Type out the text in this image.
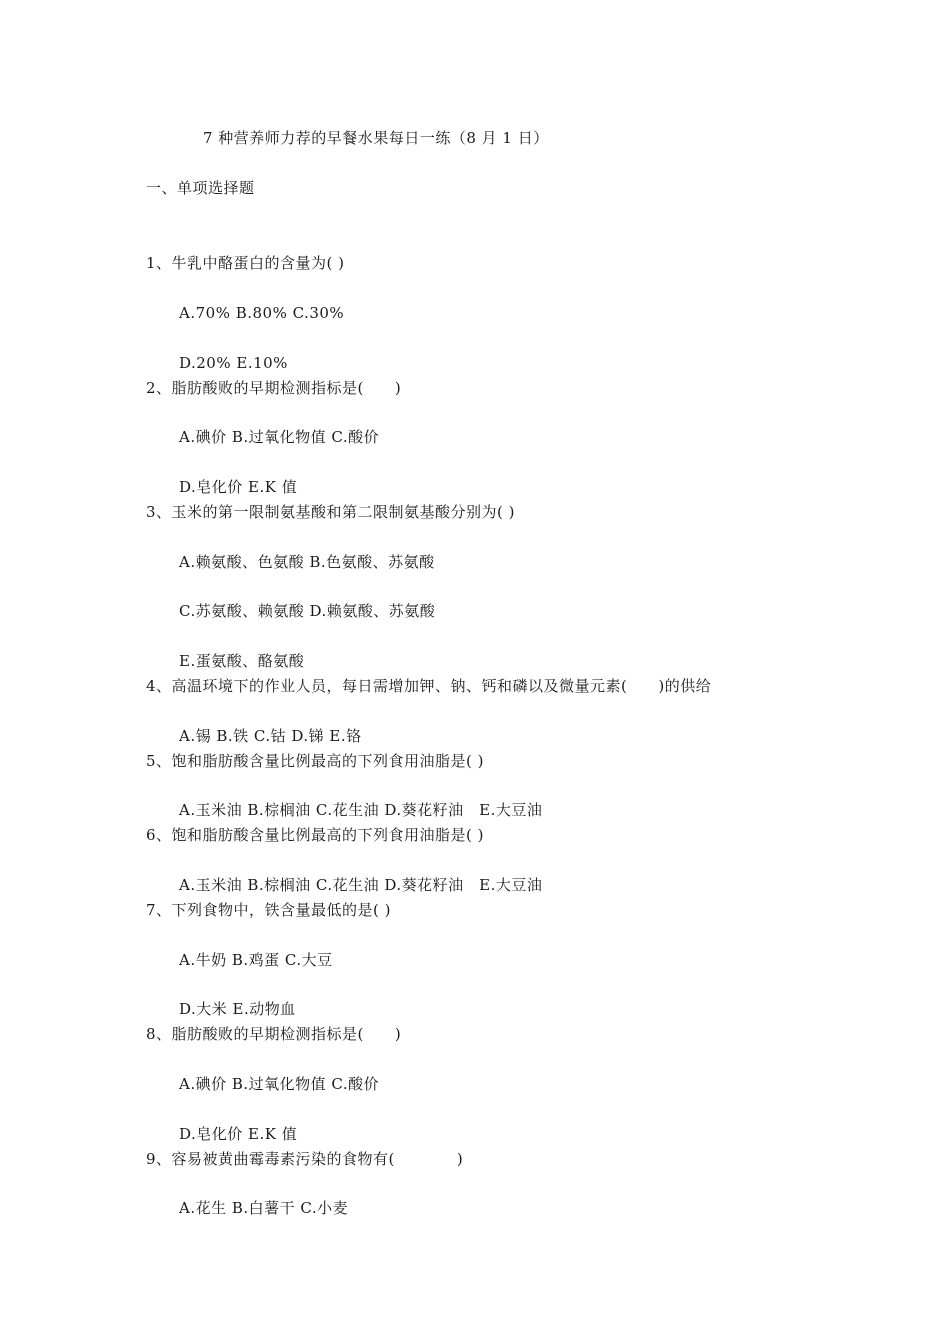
7 种营养师力荐的早餐水果每日一练（8 月 1 日）
一、单项选择题
1、牛乳中酪蛋白的含量为( )
A.70% B.80% C.30%
D.20% E.10%
2、脂肪酸败的早期检测指标是(　　)
A.碘价 B.过氧化物值 C.酸价
D.皂化价 E.K 值
3、玉米的第一限制氨基酸和第二限制氨基酸分别为( )
A.赖氨酸、色氨酸 B.色氨酸、苏氨酸
C.苏氨酸、赖氨酸 D.赖氨酸、苏氨酸
E.蛋氨酸、酪氨酸
4、高温环境下的作业人员，每日需增加钾、钠、钙和磷以及微量元素(　　)的供给
A.锡 B.铁 C.钴 D.锑 E.铬
5、饱和脂肪酸含量比例最高的下列食用油脂是( )
A.玉米油 B.棕榈油 C.花生油 D.葵花籽油　E.大豆油
6、饱和脂肪酸含量比例最高的下列食用油脂是( )
A.玉米油 B.棕榈油 C.花生油 D.葵花籽油　E.大豆油
7、下列食物中，铁含量最低的是( )
A.牛奶 B.鸡蛋 C.大豆
D.大米 E.动物血
8、脂肪酸败的早期检测指标是(　　)
A.碘价 B.过氧化物值 C.酸价
D.皂化价 E.K 值
9、容易被黄曲霉毒素污染的食物有(　　　　)
A.花生 B.白薯干 C.小麦
